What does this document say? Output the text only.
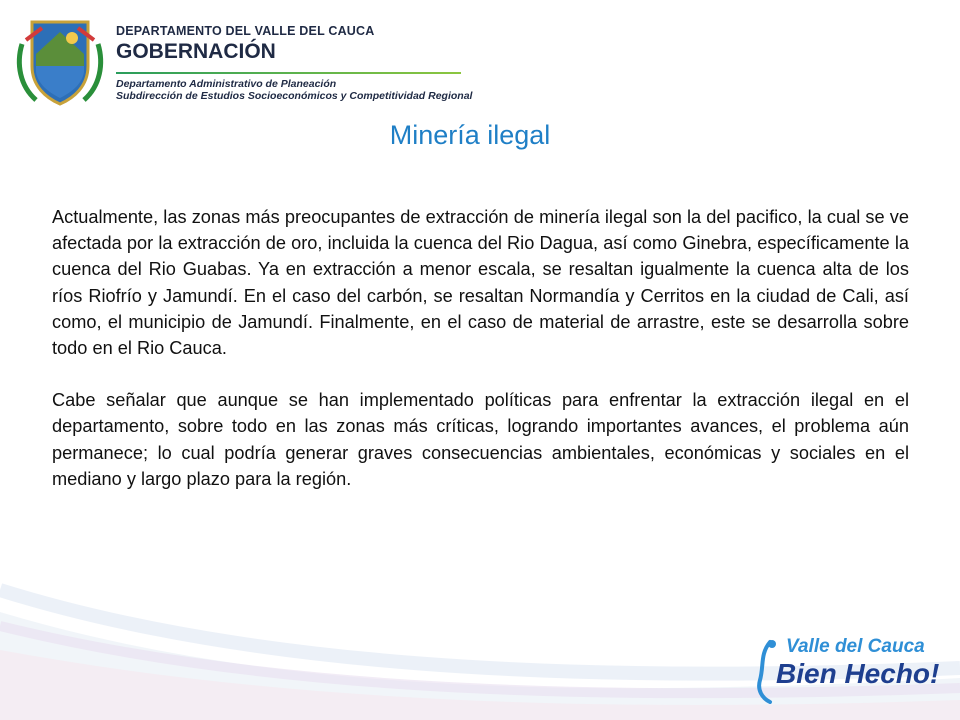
DEPARTAMENTO DEL VALLE DEL CAUCA
GOBERNACIÓN
Departamento Administrativo de Planeación
Subdirección de Estudios Socioeconómicos y Competitividad Regional
Minería ilegal

Actualmente, las zonas más preocupantes de extracción de minería ilegal son la del pacifico, la cual se ve afectada por la extracción de oro, incluida la cuenca del Rio Dagua, así como Ginebra, específicamente la cuenca del Rio Guabas. Ya en extracción a menor escala, se resaltan igualmente la cuenca alta de los ríos Riofrío y Jamundí. En el caso del carbón, se resaltan Normandía y Cerritos en la ciudad de Cali, así como, el municipio de Jamundí. Finalmente, en el caso de material de arrastre, este se desarrolla sobre todo en el Rio Cauca.

Cabe señalar que aunque se han implementado políticas para enfrentar la extracción ilegal en el departamento, sobre todo en las zonas más críticas, logrando importantes avances, el problema aún permanece; lo cual podría generar graves consecuencias ambientales, económicas y sociales en el mediano y largo plazo para la región.

Valle del Cauca
Bien Hecho!
